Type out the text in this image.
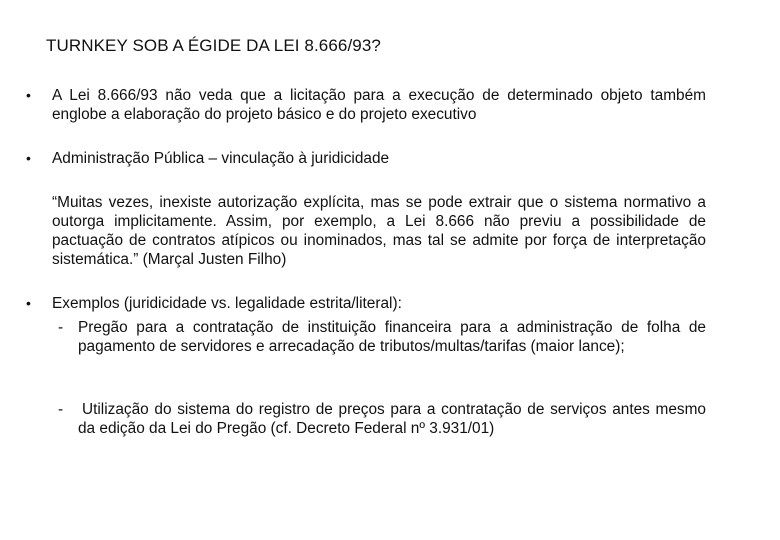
TURNKEY SOB A ÉGIDE DA LEI 8.666/93?
• A Lei 8.666/93 não veda que a licitação para a execução de determinado objeto também englobe a elaboração do projeto básico e do projeto executivo
• Administração Pública – vinculação à juridicidade
“Muitas vezes, inexiste autorização explícita, mas se pode extrair que o sistema normativo a outorga implicitamente. Assim, por exemplo, a Lei 8.666 não previu a possibilidade de pactuação de contratos atípicos ou inominados, mas tal se admite por força de interpretação sistemática.” (Marçal Justen Filho)
• Exemplos (juridicidade vs. legalidade estrita/literal):
- Pregão para a contratação de instituição financeira para a administração de folha de pagamento de servidores e arrecadação de tributos/multas/tarifas (maior lance);
- Utilização do sistema do registro de preços para a contratação de serviços antes mesmo da edição da Lei do Pregão (cf. Decreto Federal nº 3.931/01)
